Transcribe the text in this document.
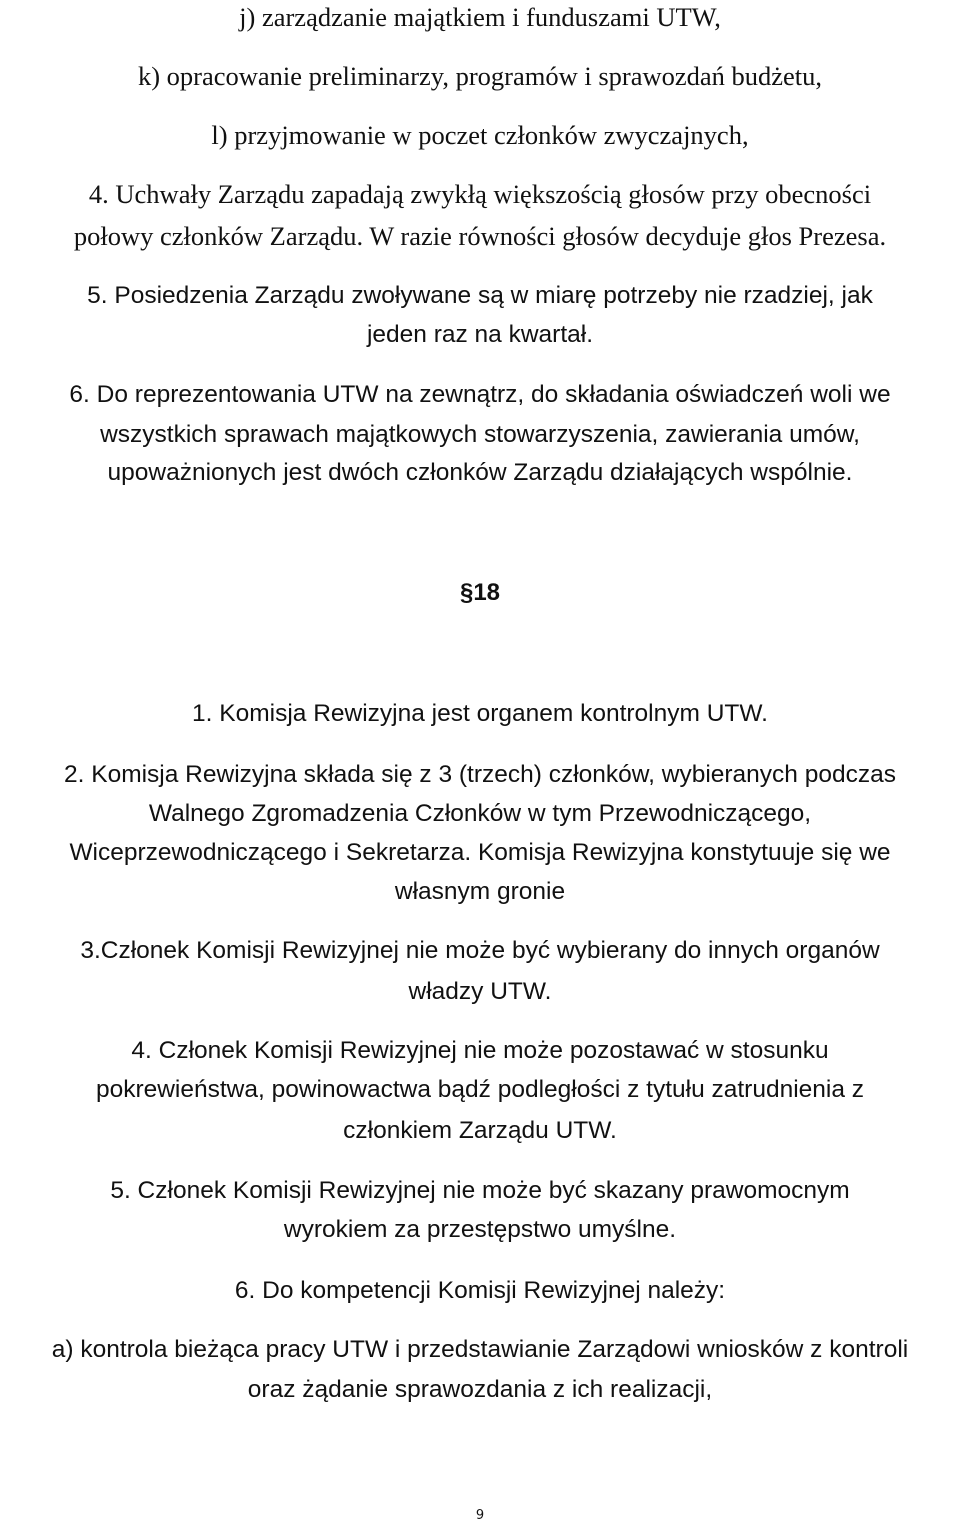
j) zarządzanie majątkiem i funduszami UTW,

k) opracowanie preliminarzy, programów i sprawozdań budżetu,

l) przyjmowanie w poczet członków zwyczajnych,

4. Uchwały Zarządu zapadają zwykłą większością głosów przy obecności

połowy członków Zarządu. W razie równości głosów decyduje głos Prezesa.

5. Posiedzenia Zarządu zwoływane są w miarę potrzeby nie rzadziej, jak

jeden raz na kwartał.

6. Do reprezentowania UTW na zewnątrz, do składania oświadczeń woli we

wszystkich sprawach majątkowych stowarzyszenia, zawierania umów,

upoważnionych jest dwóch członków Zarządu działających wspólnie.

§18

1. Komisja Rewizyjna jest organem kontrolnym UTW.

2. Komisja Rewizyjna składa się z 3 (trzech) członków, wybieranych podczas

Walnego Zgromadzenia Członków w tym Przewodniczącego,

Wiceprzewodniczącego i Sekretarza. Komisja Rewizyjna konstytuuje się we

własnym gronie

3.Członek Komisji Rewizyjnej nie może być wybierany do innych organów

władzy UTW.

4. Członek Komisji Rewizyjnej nie może pozostawać w stosunku

pokrewieństwa, powinowactwa bądź podległości z tytułu zatrudnienia z

członkiem Zarządu UTW.

5. Członek Komisji Rewizyjnej nie może być skazany prawomocnym

wyrokiem za przestępstwo umyślne.

6. Do kompetencji Komisji Rewizyjnej należy:

a) kontrola bieżąca pracy UTW i przedstawianie Zarządowi wniosków z kontroli

oraz żądanie sprawozdania z ich realizacji,

9
